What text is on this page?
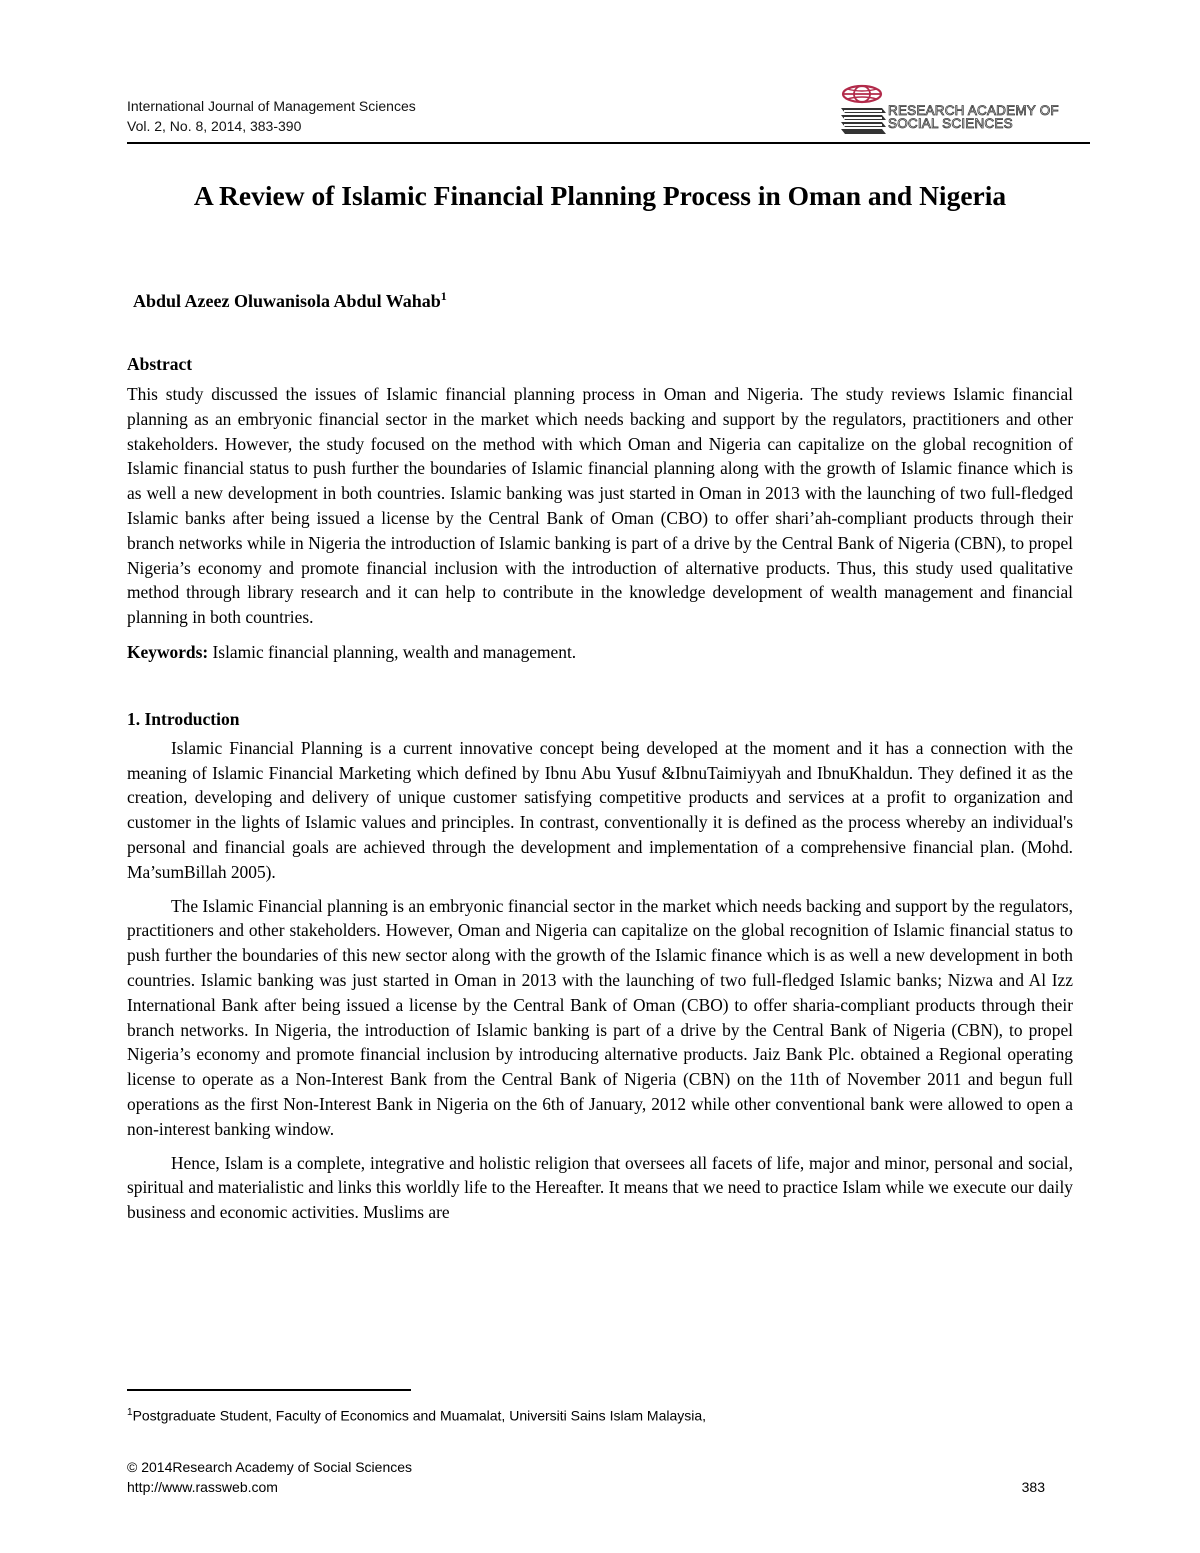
International Journal of Management Sciences
Vol. 2, No. 8, 2014, 383-390
RESEARCH ACADEMY OF
SOCIAL SCIENCES
A Review of Islamic Financial Planning Process in Oman and Nigeria
Abdul Azeez Oluwanisola Abdul Wahab$^1$
Abstract

This study discussed the issues of Islamic financial planning process in Oman and Nigeria. The study reviews Islamic financial planning as an embryonic financial sector in the market which needs backing and support by the regulators, practitioners and other stakeholders. However, the study focused on the method with which Oman and Nigeria can capitalize on the global recognition of Islamic financial status to push further the boundaries of Islamic financial planning along with the growth of Islamic finance which is as well a new development in both countries. Islamic banking was just started in Oman in 2013 with the launching of two full-fledged Islamic banks after being issued a license by the Central Bank of Oman (CBO) to offer shari’ah-compliant products through their branch networks while in Nigeria the introduction of Islamic banking is part of a drive by the Central Bank of Nigeria (CBN), to propel Nigeria’s economy and promote financial inclusion with the introduction of alternative products. Thus, this study used qualitative method through library research and it can help to contribute in the knowledge development of wealth management and financial planning in both countries.

Keywords: Islamic financial planning, wealth and management.

1. Introduction

Islamic Financial Planning is a current innovative concept being developed at the moment and it has a connection with the meaning of Islamic Financial Marketing which defined by Ibnu Abu Yusuf &IbnuTaimiyyah and IbnuKhaldun. They defined it as the creation, developing and delivery of unique customer satisfying competitive products and services at a profit to organization and customer in the lights of Islamic values and principles. In contrast, conventionally it is defined as the process whereby an individual's personal and financial goals are achieved through the development and implementation of a comprehensive financial plan. (Mohd. Ma’sumBillah 2005).

The Islamic Financial planning is an embryonic financial sector in the market which needs backing and support by the regulators, practitioners and other stakeholders. However, Oman and Nigeria can capitalize on the global recognition of Islamic financial status to push further the boundaries of this new sector along with the growth of the Islamic finance which is as well a new development in both countries. Islamic banking was just started in Oman in 2013 with the launching of two full-fledged Islamic banks; Nizwa and Al Izz International Bank after being issued a license by the Central Bank of Oman (CBO) to offer sharia-compliant products through their branch networks. In Nigeria, the introduction of Islamic banking is part of a drive by the Central Bank of Nigeria (CBN), to propel Nigeria’s economy and promote financial inclusion by introducing alternative products. Jaiz Bank Plc. obtained a Regional operating license to operate as a Non-Interest Bank from the Central Bank of Nigeria (CBN) on the 11th of November 2011 and begun full operations as the first Non-Interest Bank in Nigeria on the 6th of January, 2012 while other conventional bank were allowed to open a non-interest banking window.

Hence, Islam is a complete, integrative and holistic religion that oversees all facets of life, major and minor, personal and social, spiritual and materialistic and links this worldly life to the Hereafter. It means that we need to practice Islam while we execute our daily business and economic activities. Muslims are

$^1$Postgraduate Student, Faculty of Economics and Muamalat, Universiti Sains Islam Malaysia,
© 2014Research Academy of Social Sciences
http://www.rassweb.com	383
